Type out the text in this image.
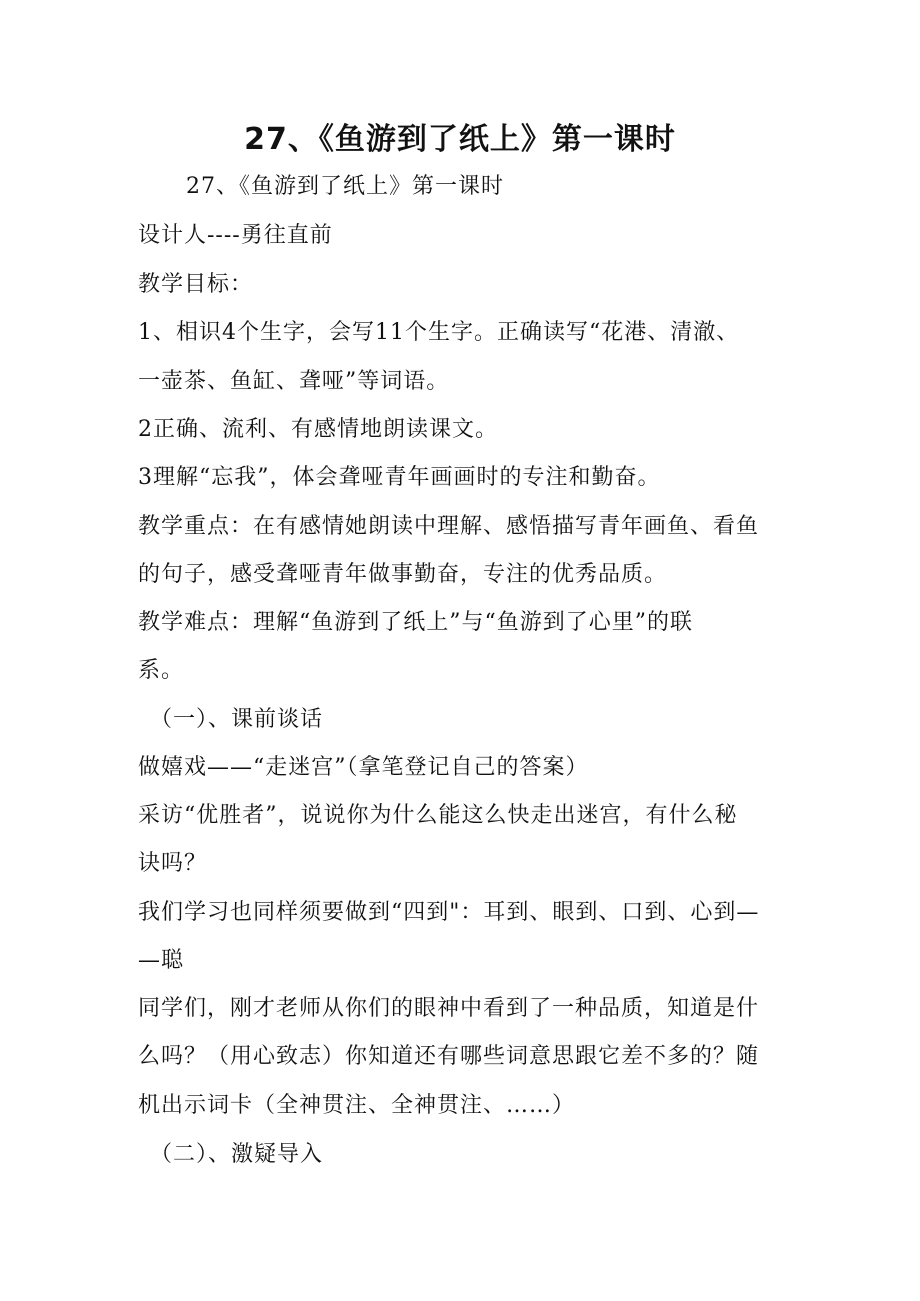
27、《鱼游到了纸上》第一课时

27、《鱼游到了纸上》第一课时

设计人----勇往直前

教学目标：

1、相识4个生字，会写11个生字。正确读写“花港、清澈、

一壶茶、鱼缸、聋哑”等词语。

2正确、流利、有感情地朗读课文。

3理解“忘我”，体会聋哑青年画画时的专注和勤奋。

教学重点：在有感情她朗读中理解、感悟描写青年画鱼、看鱼

的句子，感受聋哑青年做事勤奋，专注的优秀品质。

教学难点：理解“鱼游到了纸上”与“鱼游到了心里”的联

系。

（一）、课前谈话

做嬉戏——“走迷宫”（拿笔登记自己的答案）

采访“优胜者”，说说你为什么能这么快走出迷宫，有什么秘

诀吗？

我们学习也同样须要做到“四到"：耳到、眼到、口到、心到—

—聪

同学们，刚才老师从你们的眼神中看到了一种品质，知道是什

么吗？（用心致志）你知道还有哪些词意思跟它差不多的？随

机出示词卡（全神贯注、全神贯注、……）

（二）、激疑导入
